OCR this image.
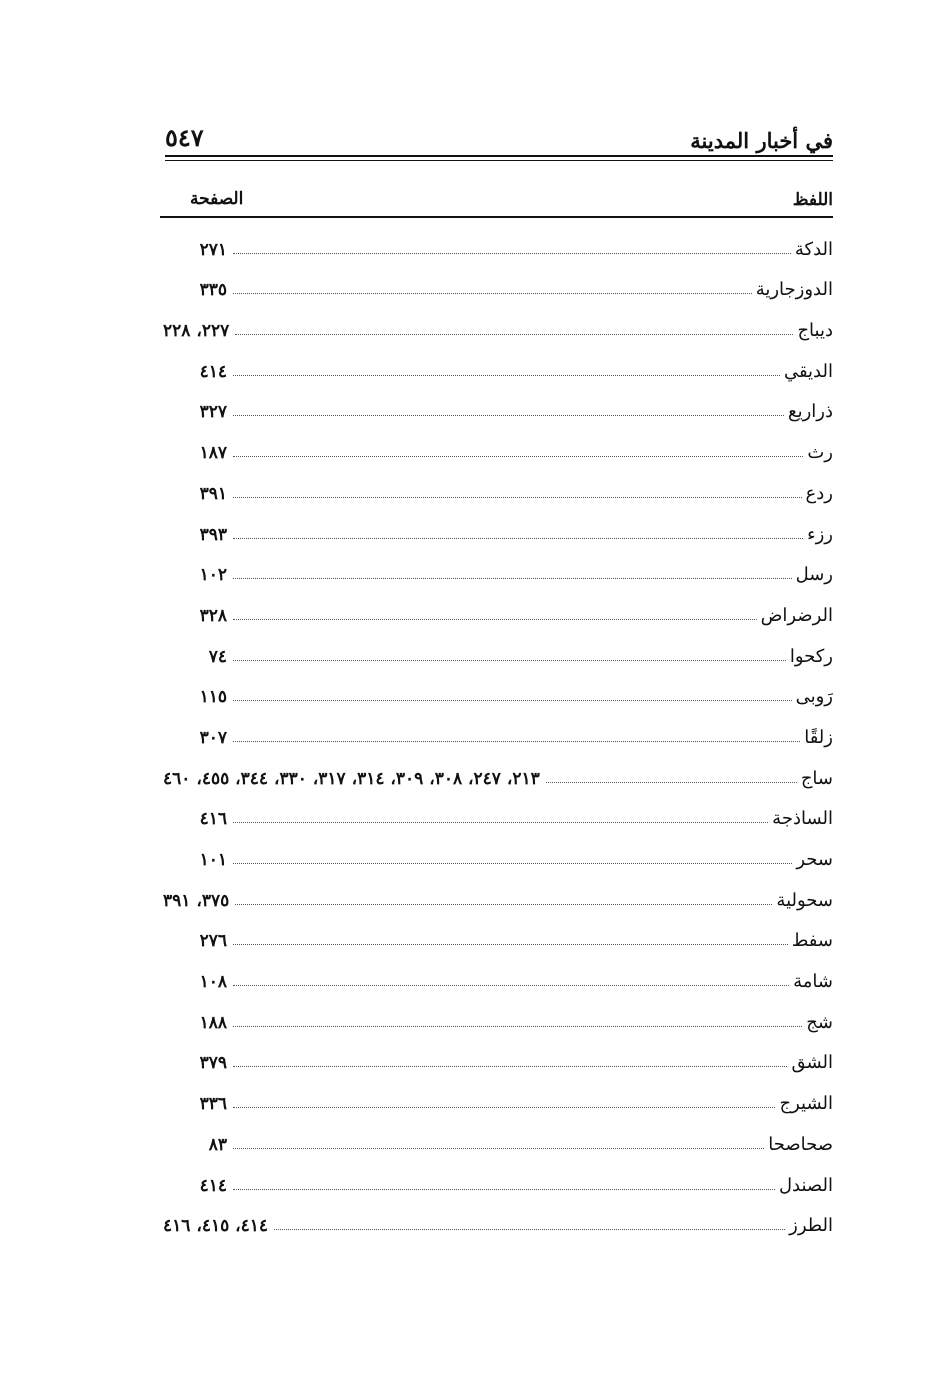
في أخبار المدينة
٥٤٧
اللفظ
الصفحة
الدكة
٢٧١
الدوزجارية
٣٣٥
ديباج
٢٢٧، ٢٢٨
الديقي
٤١٤
ذراريع
٣٢٧
رث
١٨٧
ردع
٣٩١
رزء
٣٩٣
رسل
١٠٢
الرضراض
٣٢٨
ركحوا
٧٤
رَوبى
١١٥
زلقًا
٣٠٧
ساج
٢١٣، ٢٤٧، ٣٠٨، ٣٠٩، ٣١٤، ٣١٧، ٣٣٠، ٣٤٤، ٤٥٥، ٤٦٠
الساذجة
٤١٦
سحر
١٠١
سحولية
٣٧٥، ٣٩١
سفط
٢٧٦
شامة
١٠٨
شج
١٨٨
الشق
٣٧٩
الشيرج
٣٣٦
صحاصحا
٨٣
الصندل
٤١٤
الطرز
٤١٤، ٤١٥، ٤١٦
